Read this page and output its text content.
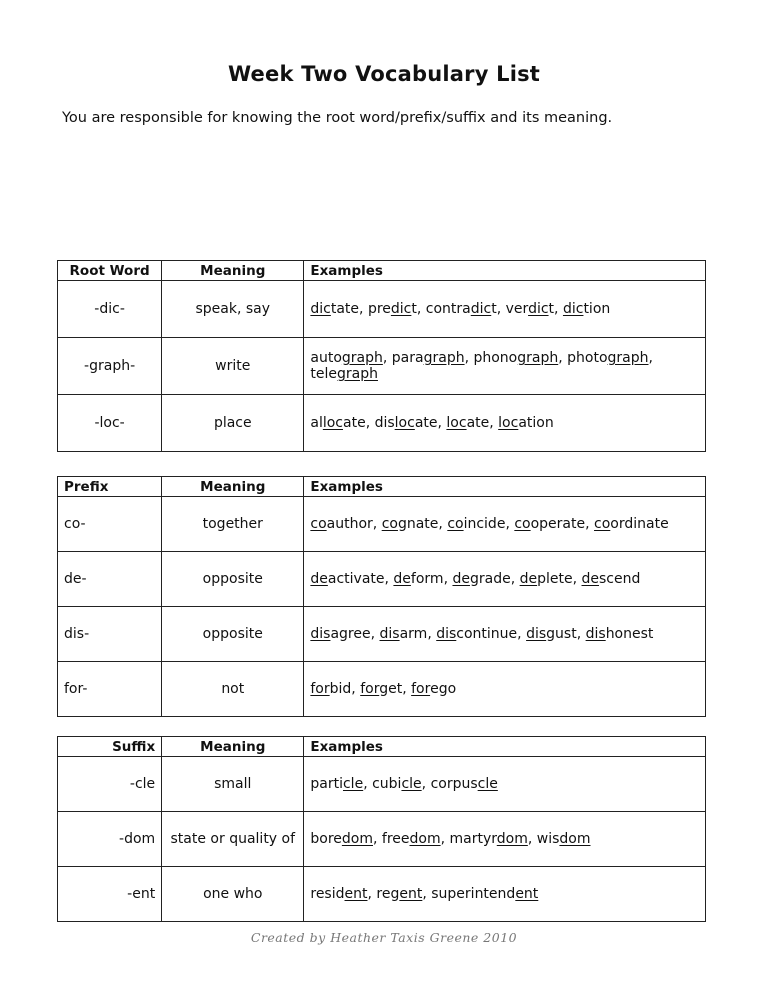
Week Two Vocabulary List
You are responsible for knowing the root word/prefix/suffix and its meaning.
Root Word	Meaning	Examples
-dic-	speak, say	dictate, predict, contradict, verdict, diction
-graph-	write	autograph, paragraph, phonograph, photograph, telegraph
-loc-	place	allocate, dislocate, locate, location
Prefix	Meaning	Examples
co-	together	coauthor, cognate, coincide, cooperate, coordinate
de-	opposite	deactivate, deform, degrade, deplete, descend
dis-	opposite	disagree, disarm, discontinue, disgust, dishonest
for-	not	forbid, forget, forego
Suffix	Meaning	Examples
-cle	small	particle, cubicle, corpuscle
-dom	state or quality of	boredom, freedom, martyrdom, wisdom
-ent	one who	resident, regent, superintendent
Created by Heather Taxis Greene 2010
